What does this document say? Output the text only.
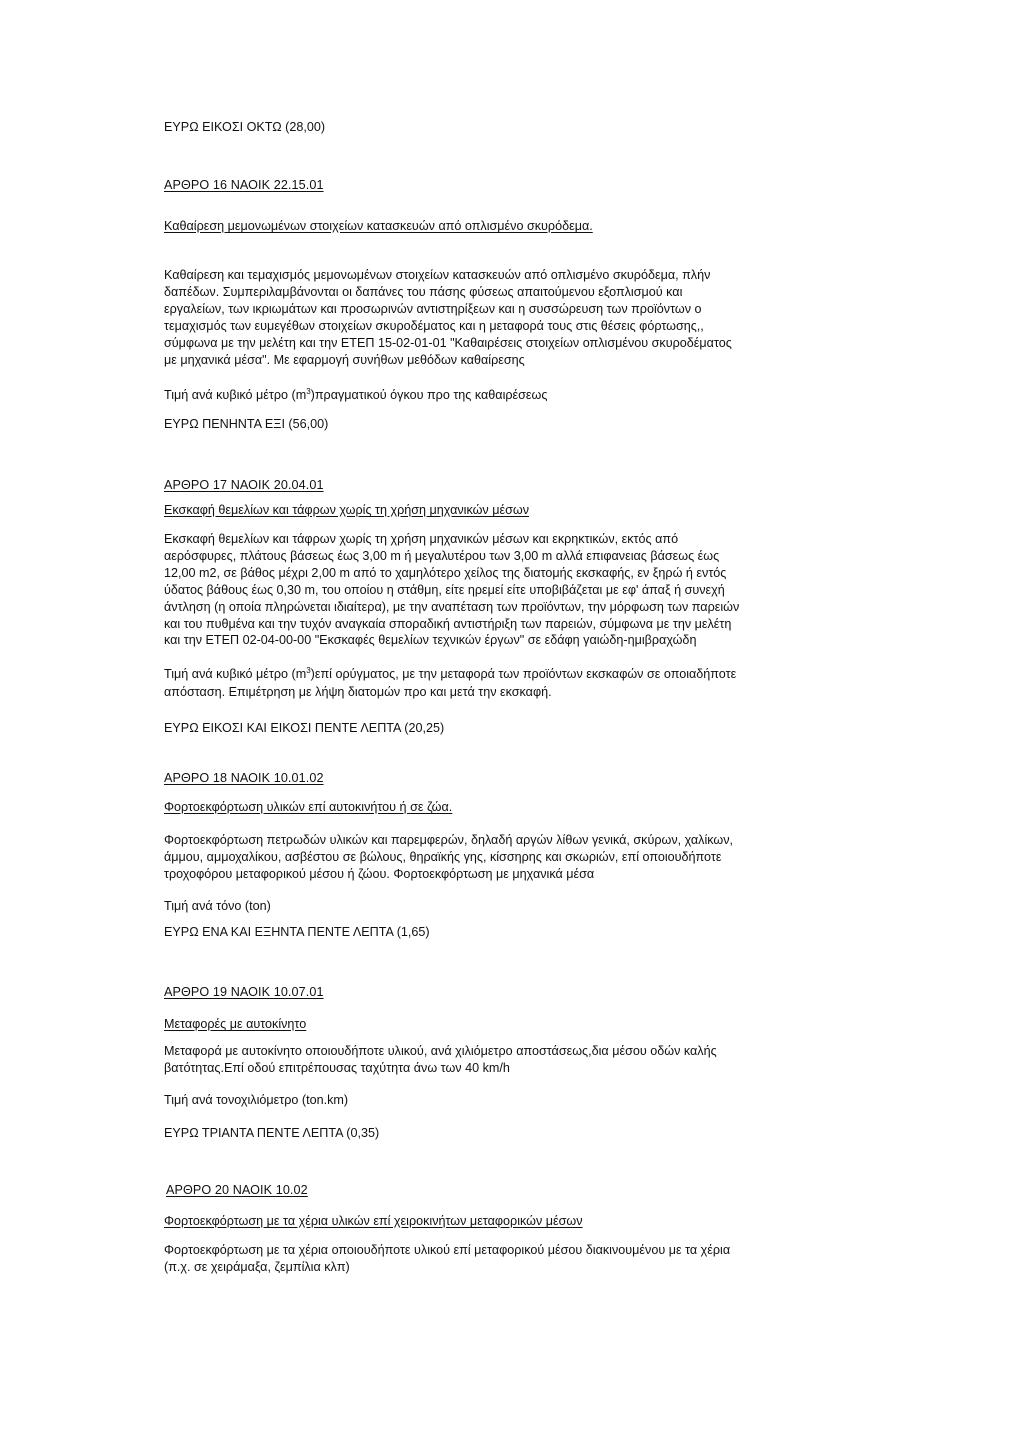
ΕΥΡΩ ΕΙΚΟΣΙ ΟΚΤΩ (28,00)
ΑΡΘΡΟ 16 ΝΑΟΙΚ 22.15.01
Καθαίρεση μεμονωμένων στοιχείων κατασκευών από οπλισμένο σκυρόδεμα.
Καθαίρεση και τεμαχισμός μεμονωμένων στοιχείων κατασκευών από οπλισμένο σκυρόδεμα, πλήν
δαπέδων. Συμπεριλαμβάνονται οι δαπάνες του πάσης φύσεως απαιτούμενου εξοπλισμού και
εργαλείων, των ικριωμάτων και προσωρινών αντιστηρίξεων και η συσσώρευση των προϊόντων ο
τεμαχισμός των ευμεγέθων στοιχείων σκυροδέματος και η μεταφορά τους στις θέσεις φόρτωσης,,
σύμφωνα με την μελέτη και την ΕΤΕΠ 15-02-01-01 "Καθαιρέσεις στοιχείων οπλισμένου σκυροδέματος
με μηχανικά μέσα". Με εφαρμογή συνήθων μεθόδων καθαίρεσης
Τιμή ανά κυβικό μέτρο $(m^3)\pi\rho\alpha\gamma\mu\alpha\tau\iota\kappa oύ$ όγκου προ της καθαιρέσεως
ΕΥΡΩ ΠΕΝΗΝΤΑ ΕΞΙ (56,00)
ΑΡΘΡΟ 17 ΝΑΟΙΚ 20.04.01
Εκσκαφή θεμελίων και τάφρων χωρίς τη χρήση μηχανικών μέσων
Εκσκαφή θεμελίων και τάφρων χωρίς τη χρήση μηχανικών μέσων και εκρηκτικών, εκτός από
αερόσφυρες, πλάτους βάσεως έως 3,00 m ή μεγαλυτέρου των 3,00 m αλλά επιφανειας βάσεως έως
12,00 m2, σε βάθος μέχρι 2,00 m από το χαμηλότερο χείλος της διατομής εκσκαφής, εν ξηρώ ή εντός
ύδατος βάθους έως 0,30 m, του οποίου η στάθμη, είτε ηρεμεί είτε υποβιβάζεται με εφ' άπαξ ή συνεχή
άντληση (η οποία πληρώνεται ιδιαίτερα), με την αναπέταση των προϊόντων, την μόρφωση των παρειών
και του πυθμένα και την τυχόν αναγκαία σποραδική αντιστήριξη των παρειών, σύμφωνα με την μελέτη
και την ΕΤΕΠ 02-04-00-00 "Εκσκαφές θεμελίων τεχνικών έργων" σε εδάφη γαιώδη-ημιβραχώδη
Τιμή ανά κυβικό μέτρο $(m^3)\varepsilon\pi ί$ ορύγματος, με την μεταφορά των προϊόντων εκσκαφών σε οποιαδήποτε
απόσταση. Επιμέτρηση με λήψη διατομών προ και μετά την εκσκαφή.
ΕΥΡΩ ΕΙΚΟΣΙ ΚΑΙ ΕΙΚΟΣΙ ΠΕΝΤΕ ΛΕΠΤΑ (20,25)
ΑΡΘΡΟ 18 ΝΑΟΙΚ 10.01.02
Φορτοεκφόρτωση υλικών επί αυτοκινήτου ή σε ζώα.
Φορτοεκφόρτωση πετρωδών υλικών και παρεμφερών, δηλαδή αργών λίθων γενικά, σκύρων, χαλίκων,
άμμου, αμμοχαλίκου, ασβέστου σε βώλους, θηραϊκής γης, κίσσηρης και σκωριών, επί οποιουδήποτε
τροχοφόρου μεταφορικού μέσου ή ζώου. Φορτοεκφόρτωση με μηχανικά μέσα
Τιμή ανά τόνο (ton)
ΕΥΡΩ ΕΝΑ ΚΑΙ ΕΞΗΝΤΑ ΠΕΝΤΕ ΛΕΠΤΑ (1,65)
ΑΡΘΡΟ 19 ΝΑΟΙΚ 10.07.01
Μεταφορές με αυτοκίνητο
Μεταφορά με αυτοκίνητο οποιουδήποτε υλικού, ανά χιλιόμετρο αποστάσεως,δια μέσου οδών καλής
βατότητας.Επί οδού επιτρέπουσας ταχύτητα άνω των 40 km/h
Τιμή ανά τονοχιλιόμετρο (ton.km)
ΕΥΡΩ ΤΡΙΑΝΤΑ ΠΕΝΤΕ ΛΕΠΤΑ (0,35)
ΑΡΘΡΟ 20 ΝΑΟΙΚ 10.02
Φορτοεκφόρτωση με τα χέρια υλικών επί χειροκινήτων μεταφορικών μέσων
Φορτοεκφόρτωση με τα χέρια οποιουδήποτε υλικού επί μεταφορικού μέσου διακινουμένου με τα χέρια
(π.χ. σε χειράμαξα, ζεμπίλια κλπ)
